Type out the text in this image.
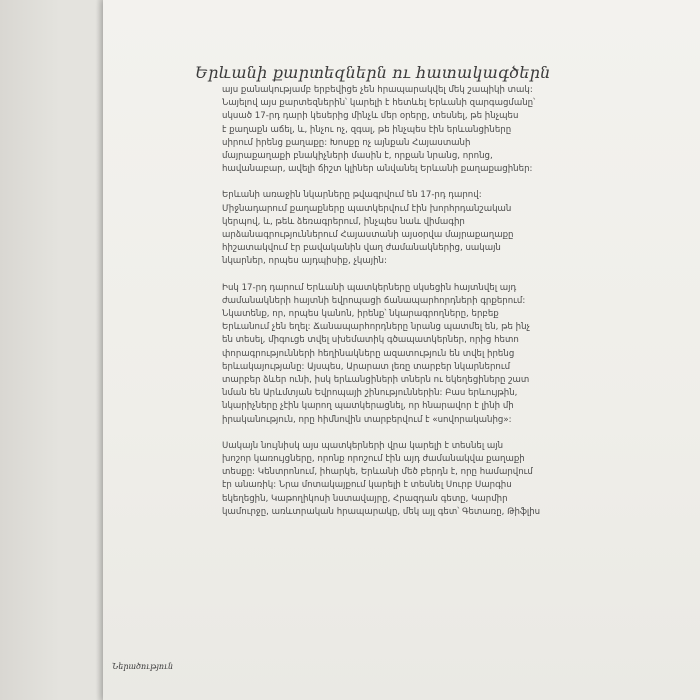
Երևանի քարտեզներն ու հատակագծերն

այս քանակությամբ երբեվիցե չեն հրապարակվել մեկ շապիկի տակ:
Նայելով այս քարտեզներին՝ կարելի է հետևել Երևանի զարգացմանը՝
սկսած 17-րդ դարի կեսերից մինչև մեր օրերը, տեսնել, թե ինչպես
է քաղաքն աճել, և, ինչու ոչ, զգալ, թե ինչպես էին երևանցիները
սիրում իրենց քաղաքը: Խոսքը ոչ այնքան Հայաստանի
մայրաքաղաքի բնակիչների մասին է, որքան նրանց, որոնց,
հավանաբար, ավելի ճիշտ կլիներ անվանել Երևանի քաղաքացիներ:

Երևանի առաջին նկարները թվագրվում են 17-րդ դարով:
Միջնադարում քաղաքները պատկերվում էին խորհրդանշական
կերպով, և, թեև ձեռագրերում, ինչպես նաև վիմագիր
արձանագրություններում Հայաստանի այսօրվա մայրաքաղաքը
հիշատակվում էր բավականին վաղ ժամանակներից, սակայն
նկարներ, որպես այդպիսիք, չկային:

Իսկ 17-րդ դարում Երևանի պատկերները սկսեցին հայտնվել այդ
ժամանակների հայտնի եվրոպացի ճանապարհորդների գրքերում:
Նկատենք, որ, որպես կանոն, իրենք՝ նկարագրողները, երբեք
Երևանում չեն եղել: Ճանապարհորդները նրանց պատմել են, թե ինչ
են տեսել, միգուցե տվել սխեմատիկ գծապատկերներ, որից հետո
փորագրությունների հեղինակները ազատություն են տվել իրենց
երևակայությանը: Այսպես, Արարատ լեռը տարբեր նկարներում
տարբեր ձևեր ունի, իսկ երևանցիների տներն ու եկեղեցիները շատ
նման են Արևմտյան Եվրոպայի շինություններին: Բաս երևույթին,
նկարիչները չէին կարող պատկերացնել, որ հնարավոր է լինի մի
իրականություն, որը հիմնովին տարբերվում է «սովորականից»:

Սակայն նույնիսկ այս պատկերների վրա կարելի է տեսնել այն
խոշոր կառույցները, որոնք որոշում էին այդ ժամանակվա քաղաքի
տեսքը: Կենտրոնում, իհարկե, Երևանի մեծ բերդն է, որը համարվում
էր անառիկ: Նրա մոտակայքում կարելի է տեսնել Սուրբ Սարգիս
եկեղեցին, Կաթողիկոսի նստավայրը, Հրազդան գետը, Կարմիր
կամուրջը, առևտրական հրապարակը, մեկ այլ գետ՝ Գետառը, Թիֆլիս

Ներածություն
